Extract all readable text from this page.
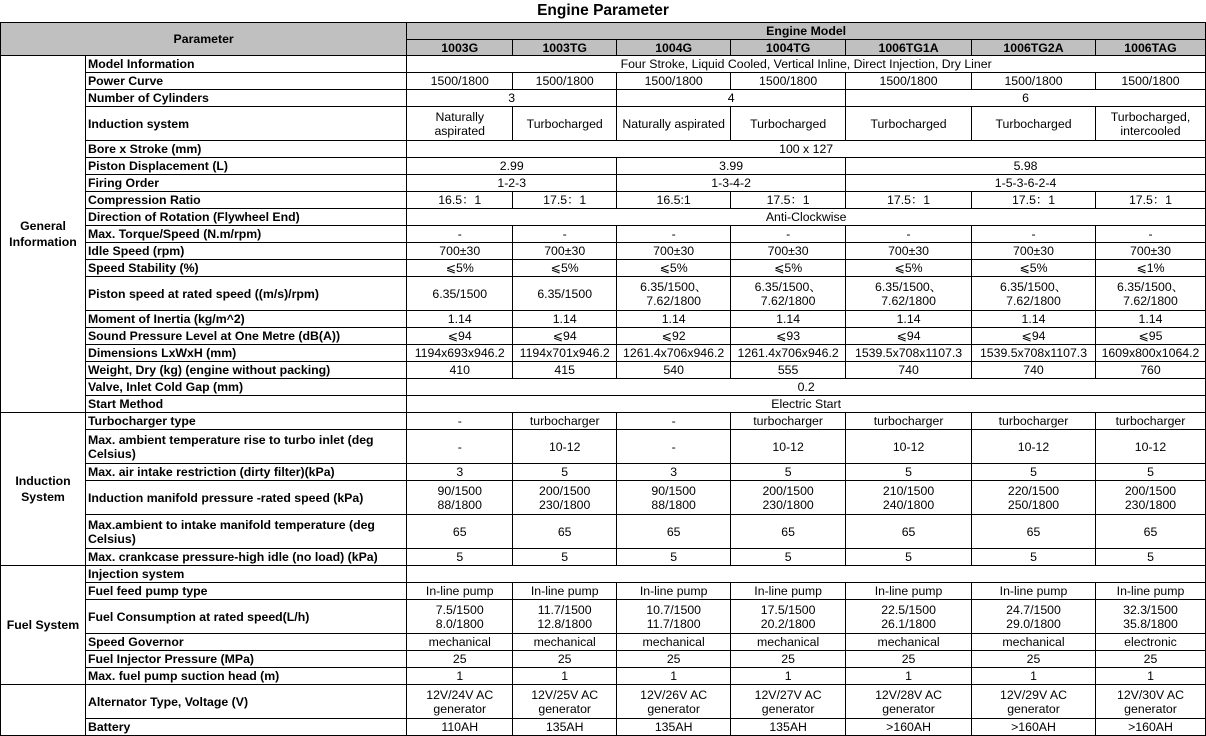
Engine Parameter
Parameter		Engine Model						
		1003G	1003TG	1004G	1004TG	1006TG1A	1006TG2A	1006TAG
General Information	Model Information	Four Stroke, Liquid Cooled, Vertical Inline, Direct Injection, Dry Liner						
	Power Curve	1500/1800	1500/1800	1500/1800	1500/1800	1500/1800	1500/1800	1500/1800
	Number of Cylinders	3		4		6		
	Induction system	Naturally
aspirated	Turbocharged	Naturally aspirated	Turbocharged	Turbocharged	Turbocharged	Turbocharged,
intercooled
	Bore x Stroke (mm)	100 x 127						
	Piston Displacement (L)	2.99		3.99		5.98		
	Firing Order	1-2-3		1-3-4-2		1-5-3-6-2-4		
	Compression Ratio	16.5：1	17.5：1	16.5:1	17.5：1	17.5：1	17.5：1	17.5：1
	Direction of Rotation (Flywheel End)	Anti-Clockwise						
	Max. Torque/Speed (N.m/rpm)	-	-	-	-	-	-	-
	Idle Speed (rpm)	700±30	700±30	700±30	700±30	700±30	700±30	700±30
	Speed Stability (%)	⩽5%	⩽5%	⩽5%	⩽5%	⩽5%	⩽5%	⩽1%
	Piston speed at rated speed ((m/s)/rpm)	6.35/1500	6.35/1500	6.35/1500、
7.62/1800	6.35/1500、
7.62/1800	6.35/1500、
7.62/1800	6.35/1500、
7.62/1800	6.35/1500、
7.62/1800
	Moment of Inertia (kg/m^2)	1.14	1.14	1.14	1.14	1.14	1.14	1.14
	Sound Pressure Level at One Metre (dB(A))	⩽94	⩽94	⩽92	⩽93	⩽94	⩽94	⩽95
	Dimensions LxWxH (mm)	1194x693x946.2	1194x701x946.2	1261.4x706x946.2	1261.4x706x946.2	1539.5x708x1107.3	1539.5x708x1107.3	1609x800x1064.2
	Weight, Dry (kg) (engine without packing)	410	415	540	555	740	740	760
	Valve, Inlet Cold Gap (mm)	0.2						
	Start Method	Electric Start						
Induction System	Turbocharger type	-	turbocharger	-	turbocharger	turbocharger	turbocharger	turbocharger
	Max. ambient temperature rise to turbo inlet (deg Celsius)	-	10-12	-	10-12	10-12	10-12	10-12
	Max. air intake restriction (dirty filter)(kPa)	3	5	3	5	5	5	5
	Induction manifold pressure -rated speed (kPa)	90/1500
88/1800	200/1500
230/1800	90/1500
88/1800	200/1500
230/1800	210/1500
240/1800	220/1500
250/1800	200/1500
230/1800
	Max.ambient to intake manifold temperature (deg Celsius)	65	65	65	65	65	65	65
	Max. crankcase pressure-high idle (no load) (kPa)	5	5	5	5	5	5	5
Fuel System	Injection system							
	Fuel feed pump type	In-line pump	In-line pump	In-line pump	In-line pump	In-line pump	In-line pump	In-line pump
	Fuel Consumption at rated speed(L/h)	7.5/1500
8.0/1800	11.7/1500
12.8/1800	10.7/1500
11.7/1800	17.5/1500
20.2/1800	22.5/1500
26.1/1800	24.7/1500
29.0/1800	32.3/1500
35.8/1800
	Speed Governor	mechanical	mechanical	mechanical	mechanical	mechanical	mechanical	electronic
	Fuel Injector Pressure (MPa)	25	25	25	25	25	25	25
	Max. fuel pump suction head (m)	1	1	1	1	1	1	1
	Alternator Type, Voltage (V)	12V/24V AC
generator	12V/25V AC
generator	12V/26V AC
generator	12V/27V AC
generator	12V/28V AC
generator	12V/29V AC
generator	12V/30V AC
generator
	Battery	110AH	135AH	135AH	135AH	>160AH	>160AH	>160AH
